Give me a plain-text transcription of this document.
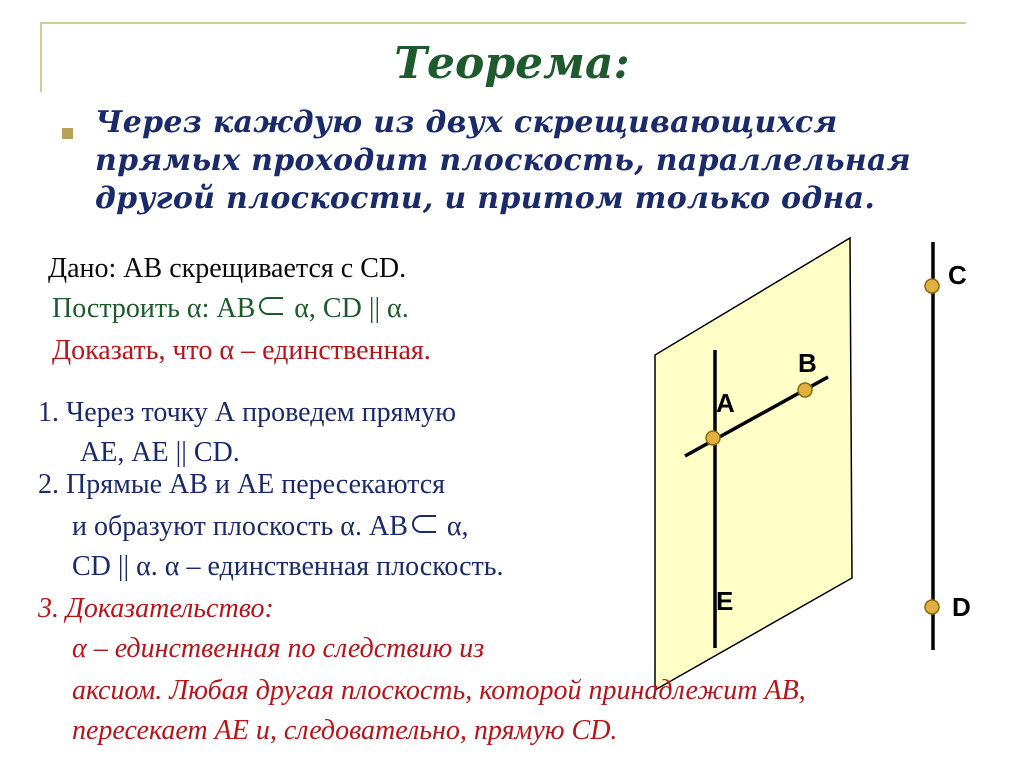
Теорема:
Через каждую из двух скрещивающихся
прямых проходит плоскость, параллельная
другой плоскости, и притом только одна.
А
В
С
D
E
Дано: АВ скрещивается с СD.
Построить α: АВ α, СD || α.
Доказать, что α – единственная.
1. Через точку А проведем прямую
АЕ, АЕ || СD.
2. Прямые АВ и АЕ пересекаются
и образуют плоскость α. АВ α,
СD || α. α – единственная плоскость.
3. Доказательство:
α – единственная по следствию из
аксиом. Любая другая плоскость, которой принадлежит АВ,
пересекает АЕ и, следовательно, прямую СD.
